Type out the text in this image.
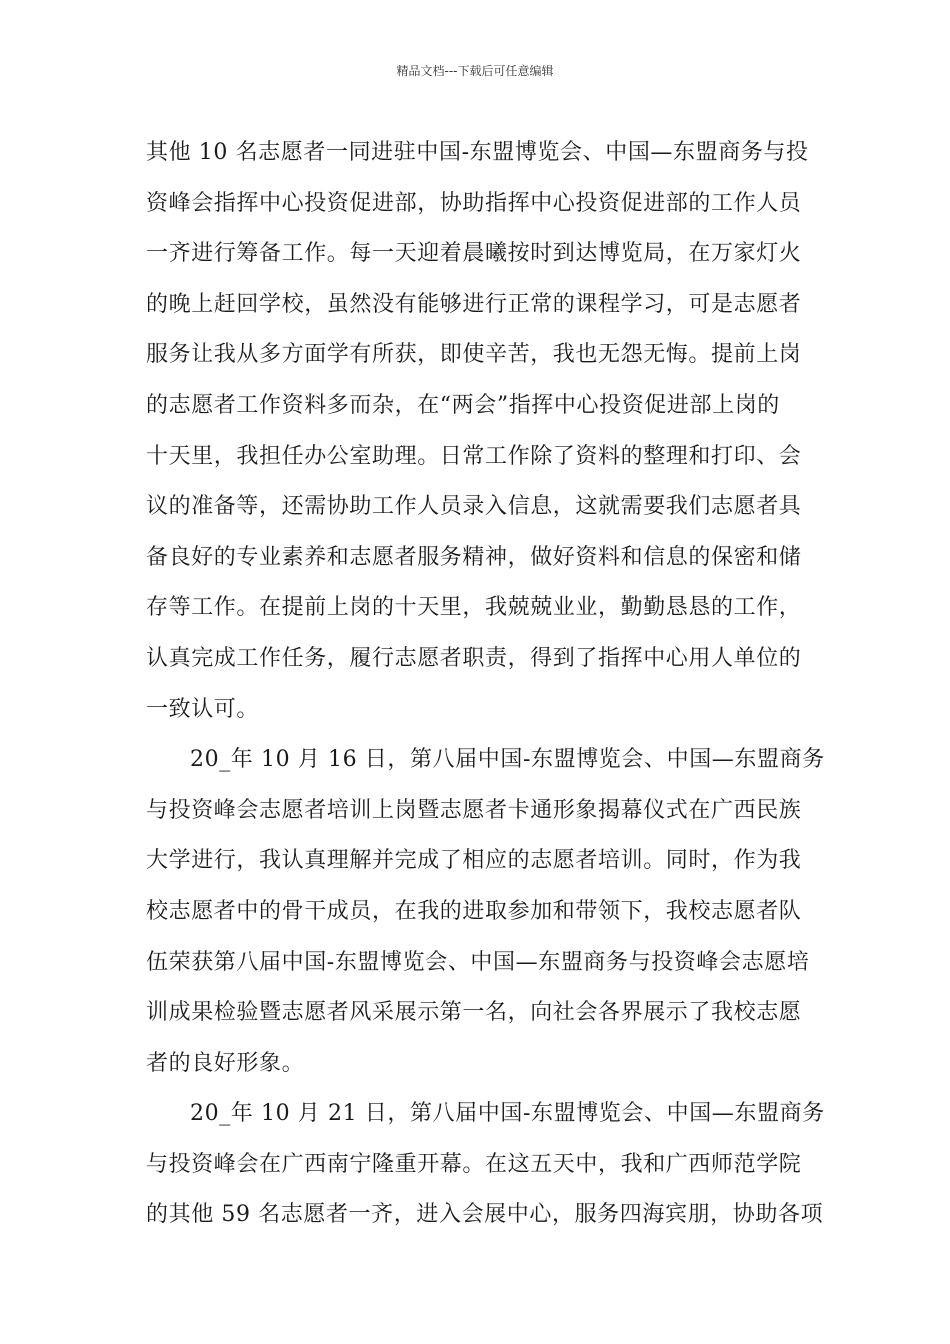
精品文档---下载后可任意编辑
其他 10 名志愿者一同进驻中国-东盟博览会、中国—东盟商务与投
资峰会指挥中心投资促进部，协助指挥中心投资促进部的工作人员
一齐进行筹备工作。每一天迎着晨曦按时到达博览局，在万家灯火
的晚上赶回学校，虽然没有能够进行正常的课程学习，可是志愿者
服务让我从多方面学有所获，即使辛苦，我也无怨无悔。提前上岗
的志愿者工作资料多而杂，在“两会”指挥中心投资促进部上岗的
十天里，我担任办公室助理。日常工作除了资料的整理和打印、会
议的准备等，还需协助工作人员录入信息，这就需要我们志愿者具
备良好的专业素养和志愿者服务精神，做好资料和信息的保密和储
存等工作。在提前上岗的十天里，我兢兢业业，勤勤恳恳的工作，
认真完成工作任务，履行志愿者职责，得到了指挥中心用人单位的
一致认可。
20_年 10 月 16 日，第八届中国-东盟博览会、中国—东盟商务
与投资峰会志愿者培训上岗暨志愿者卡通形象揭幕仪式在广西民族
大学进行，我认真理解并完成了相应的志愿者培训。同时，作为我
校志愿者中的骨干成员，在我的进取参加和带领下，我校志愿者队
伍荣获第八届中国-东盟博览会、中国—东盟商务与投资峰会志愿培
训成果检验暨志愿者风采展示第一名，向社会各界展示了我校志愿
者的良好形象。
20_年 10 月 21 日，第八届中国-东盟博览会、中国—东盟商务
与投资峰会在广西南宁隆重开幕。在这五天中，我和广西师范学院
的其他 59 名志愿者一齐，进入会展中心，服务四海宾朋，协助各项
